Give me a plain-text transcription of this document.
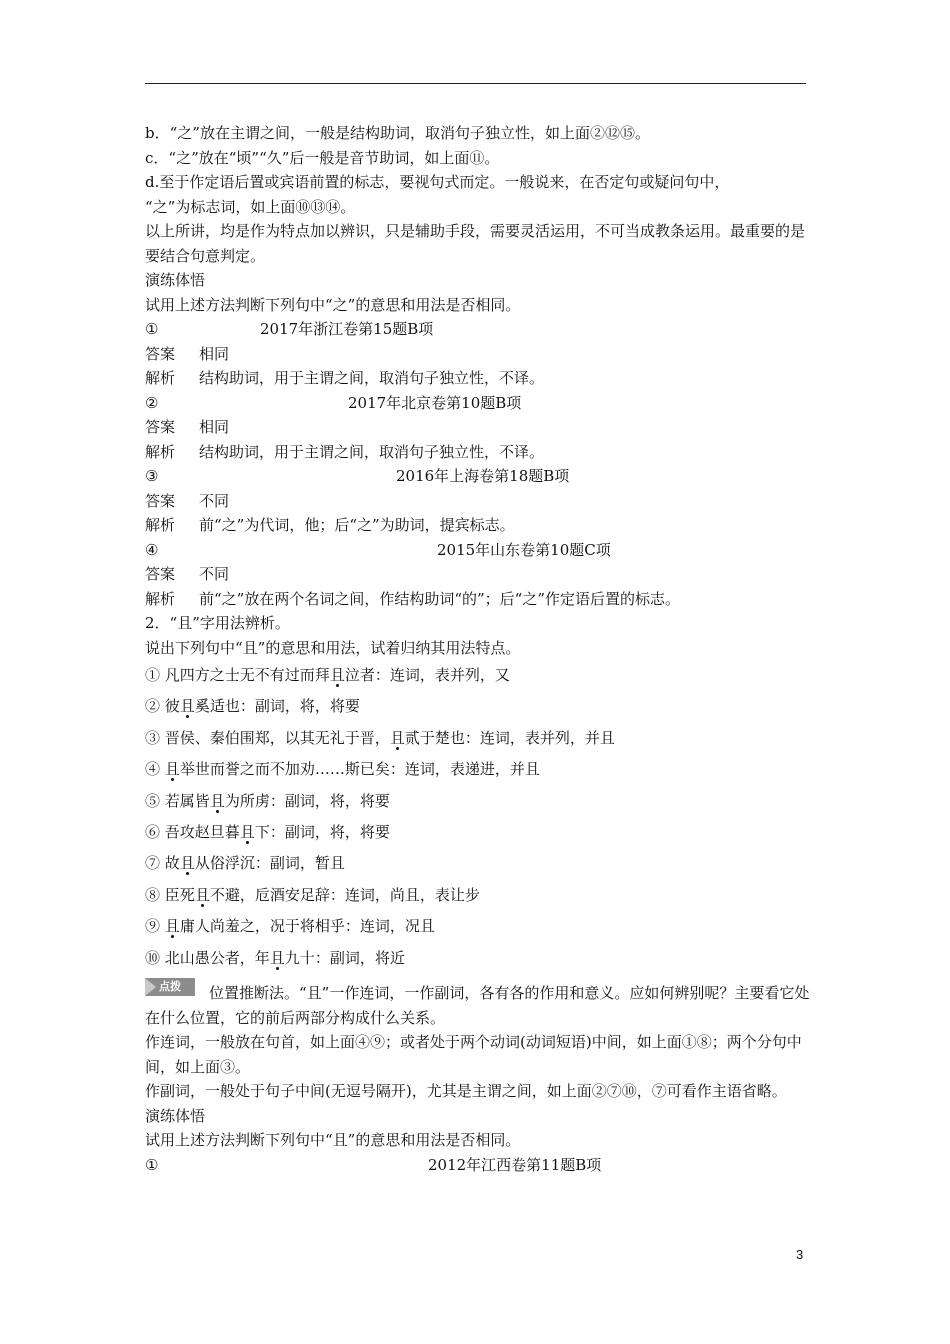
b．“之”放在主谓之间，一般是结构助词，取消句子独立性，如上面②⑫⑮。
c．“之”放在“顷”“久”后一般是音节助词，如上面⑪。
d.至于作定语后置或宾语前置的标志，要视句式而定。一般说来，在否定句或疑问句中，
“之”为标志词，如上面⑩⑬⑭。
以上所讲，均是作为特点加以辨识，只是辅助手段，需要灵活运用，不可当成教条运用。最重要的是要结合句意判定。
演练体悟
试用上述方法判断下列句中“之”的意思和用法是否相同。
①	2017年浙江卷第15题B项
答案 相同
解析 结构助词，用于主谓之间，取消句子独立性，不译。
②	2017年北京卷第10题B项
答案 相同
解析 结构助词，用于主谓之间，取消句子独立性，不译。
③	2016年上海卷第18题B项
答案 不同
解析 前“之”为代词，他；后“之”为助词，提宾标志。
④	2015年山东卷第10题C项
答案 不同
解析 前“之”放在两个名词之间，作结构助词“的”；后“之”作定语后置的标志。
2．“且”字用法辨析。
说出下列句中“且”的意思和用法，试着归纳其用法特点。
① 凡四方之士无不有过而拜且泣者：连词，表并列，又
② 彼且奚适也：副词，将，将要
③ 晋侯、秦伯围郑，以其无礼于晋，且贰于楚也：连词，表并列，并且
④ 且举世而誉之而不加劝……斯已矣：连词，表递进，并且
⑤ 若属皆且为所虏：副词，将，将要
⑥ 吾攻赵旦暮且下：副词，将，将要
⑦ 故且从俗浮沉：副词，暂且
⑧ 臣死且不避，卮酒安足辞：连词，尚且，表让步
⑨ 且庸人尚羞之，况于将相乎：连词，况且
⑩ 北山愚公者，年且九十：副词，将近
点拨 位置推断法。“且”一作连词，一作副词，各有各的作用和意义。应如何辨别呢？主要看它处在什么位置，它的前后两部分构成什么关系。
作连词，一般放在句首，如上面④⑨；或者处于两个动词(动词短语)中间，如上面①⑧；两个分句中间，如上面③。
作副词，一般处于句子中间(无逗号隔开)，尤其是主谓之间，如上面②⑦⑩，⑦可看作主语省略。
演练体悟
试用上述方法判断下列句中“且”的意思和用法是否相同。
①	2012年江西卷第11题B项
3
